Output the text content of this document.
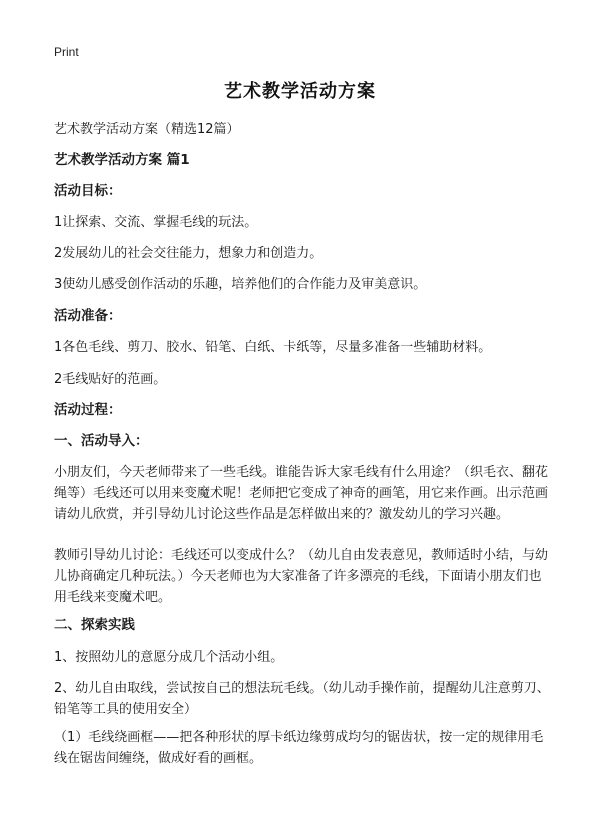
Print
艺术教学活动方案
艺术教学活动方案（精选12篇）
艺术教学活动方案 篇1
活动目标：
1让探索、交流、掌握毛线的玩法。
2发展幼儿的社会交往能力，想象力和创造力。
3使幼儿感受创作活动的乐趣，培养他们的合作能力及审美意识。
活动准备：
1各色毛线、剪刀、胶水、铅笔、白纸、卡纸等，尽量多准备一些辅助材料。
2毛线贴好的范画。
活动过程：
一、活动导入：
小朋友们，今天老师带来了一些毛线。谁能告诉大家毛线有什么用途？（织毛衣、翻花绳等）毛线还可以用来变魔术呢！老师把它变成了神奇的画笔，用它来作画。出示范画请幼儿欣赏，并引导幼儿讨论这些作品是怎样做出来的？激发幼儿的学习兴趣。
教师引导幼儿讨论：毛线还可以变成什么？（幼儿自由发表意见，教师适时小结，与幼儿协商确定几种玩法。）今天老师也为大家准备了许多漂亮的毛线，下面请小朋友们也用毛线来变魔术吧。
二、探索实践
1、按照幼儿的意愿分成几个活动小组。
2、幼儿自由取线，尝试按自己的想法玩毛线。（幼儿动手操作前，提醒幼儿注意剪刀、铅笔等工具的使用安全）
（1）毛线绕画框——把各种形状的厚卡纸边缘剪成均匀的锯齿状，按一定的规律用毛线在锯齿间缠绕，做成好看的画框。
